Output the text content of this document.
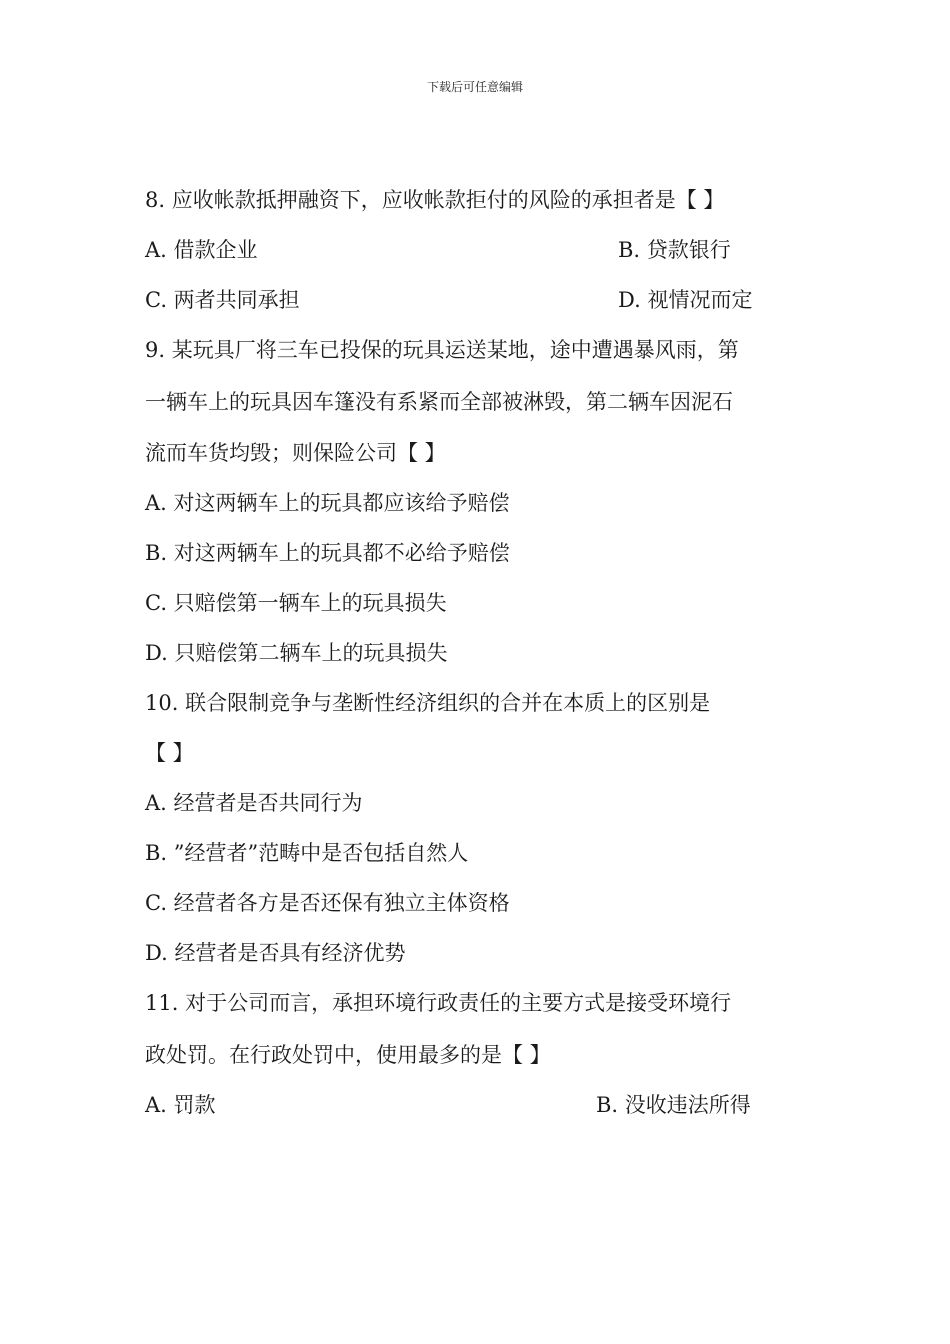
下载后可任意编辑
8. 应收帐款抵押融资下，应收帐款拒付的风险的承担者是【 】
A. 借款企业	B. 贷款银行
C. 两者共同承担	D. 视情况而定
9. 某玩具厂将三车已投保的玩具运送某地，途中遭遇暴风雨，第
一辆车上的玩具因车篷没有系紧而全部被淋毁，第二辆车因泥石
流而车货均毁；则保险公司【 】
A. 对这两辆车上的玩具都应该给予赔偿
B. 对这两辆车上的玩具都不必给予赔偿
C. 只赔偿第一辆车上的玩具损失
D. 只赔偿第二辆车上的玩具损失
10. 联合限制竞争与垄断性经济组织的合并在本质上的区别是
【 】
A. 经营者是否共同行为
B. ”经营者”范畴中是否包括自然人
C. 经营者各方是否还保有独立主体资格
D. 经营者是否具有经济优势
11. 对于公司而言，承担环境行政责任的主要方式是接受环境行
政处罚。在行政处罚中，使用最多的是【 】
A. 罚款	B. 没收违法所得
